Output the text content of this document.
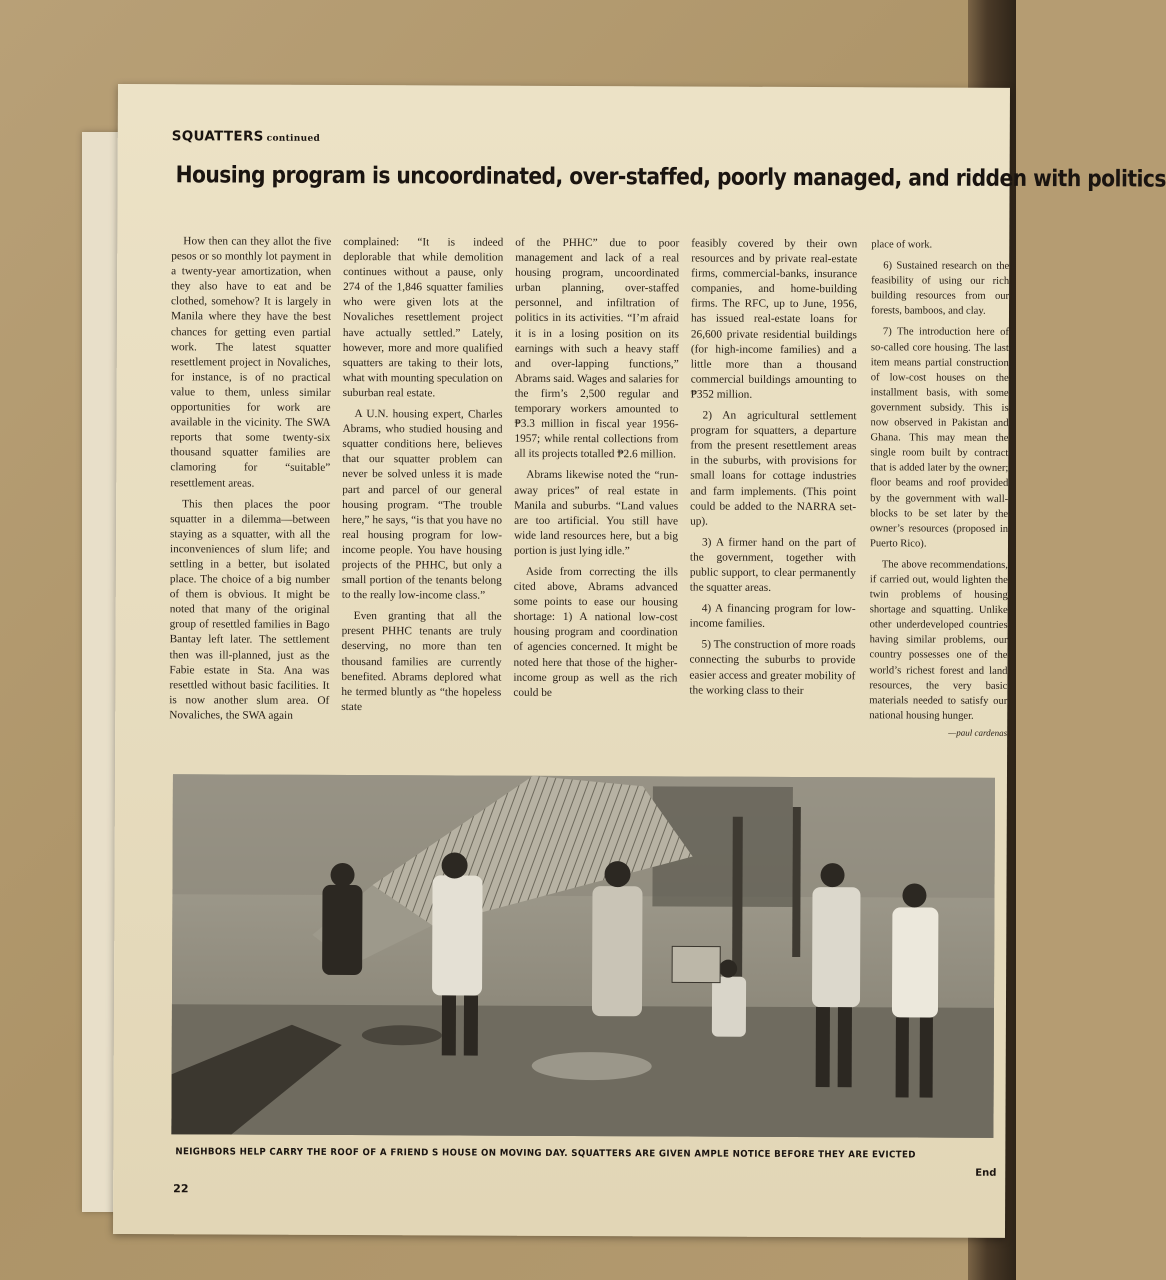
SQUATTERS continued
Housing program is uncoordinated, over-staffed, poorly managed, and ridden with politics

How then can they allot the five pesos or so monthly lot payment in a twenty-year amortization, when they also have to eat and be clothed, somehow? It is largely in Manila where they have the best chances for getting even partial work. The latest squatter resettlement project in Novaliches, for instance, is of no practical value to them, unless similar opportunities for work are available in the vicinity. The SWA reports that some twenty-six thousand squatter families are clamoring for “suitable” resettlement areas.

This then places the poor squatter in a dilemma—between staying as a squatter, with all the inconveniences of slum life; and settling in a better, but isolated place. The choice of a big number of them is obvious. It might be noted that many of the original group of resettled families in Bago Bantay left later. The settlement then was ill-planned, just as the Fabie estate in Sta. Ana was resettled without basic facilities. It is now another slum area. Of Novaliches, the SWA again

complained: “It is indeed deplorable that while demolition continues without a pause, only 274 of the 1,846 squatter families who were given lots at the Novaliches resettlement project have actually settled.” Lately, however, more and more qualified squatters are taking to their lots, what with mounting speculation on suburban real estate.

A U.N. housing expert, Charles Abrams, who studied housing and squatter conditions here, believes that our squatter problem can never be solved unless it is made part and parcel of our general housing program. “The trouble here,” he says, “is that you have no real housing program for low-income people. You have housing projects of the PHHC, but only a small portion of the tenants belong to the really low-income class.”

Even granting that all the present PHHC tenants are truly deserving, no more than ten thousand families are currently benefited. Abrams deplored what he termed bluntly as “the hopeless state

of the PHHC” due to poor management and lack of a real housing program, uncoordinated urban planning, over-staffed personnel, and infiltration of politics in its activities. “I’m afraid it is in a losing position on its earnings with such a heavy staff and over-lapping functions,” Abrams said. Wages and salaries for the firm’s 2,500 regular and temporary workers amounted to ₱3.3 million in fiscal year 1956-1957; while rental collections from all its projects totalled ₱2.6 million.

Abrams likewise noted the “run-away prices” of real estate in Manila and suburbs. “Land values are too artificial. You still have wide land resources here, but a big portion is just lying idle.”

Aside from correcting the ills cited above, Abrams advanced some points to ease our housing shortage: 1) A national low-cost housing program and coordination of agencies concerned. It might be noted here that those of the higher-income group as well as the rich could be

feasibly covered by their own resources and by private real-estate firms, commercial-banks, insurance companies, and home-building firms. The RFC, up to June, 1956, has issued real-estate loans for 26,600 private residential buildings (for high-income families) and a little more than a thousand commercial buildings amounting to ₱352 million.

2) An agricultural settlement program for squatters, a departure from the present resettlement areas in the suburbs, with provisions for small loans for cottage industries and farm implements. (This point could be added to the NARRA set-up).

3) A firmer hand on the part of the government, together with public support, to clear permanently the squatter areas.

4) A financing program for low-income families.

5) The construction of more roads connecting the suburbs to provide easier access and greater mobility of the working class to their

place of work.

6) Sustained research on the feasibility of using our rich building resources from our forests, bamboos, and clay.

7) The introduction here of so-called core housing. The last item means partial construction of low-cost houses on the installment basis, with some government subsidy. This is now observed in Pakistan and Ghana. This may mean the single room built by contract that is added later by the owner; floor beams and roof provided by the government with wall-blocks to be set later by the owner’s resources (proposed in Puerto Rico).

The above recommendations, if carried out, would lighten the twin problems of housing shortage and squatting. Unlike other underdeveloped countries having similar problems, our country possesses one of the world’s richest forest and land resources, the very basic materials needed to satisfy our national housing hunger.

—paul cardenas
NEIGHBORS HELP CARRY THE ROOF OF A FRIEND S HOUSE ON MOVING DAY. SQUATTERS ARE GIVEN AMPLE NOTICE BEFORE THEY ARE EVICTED
End
22
